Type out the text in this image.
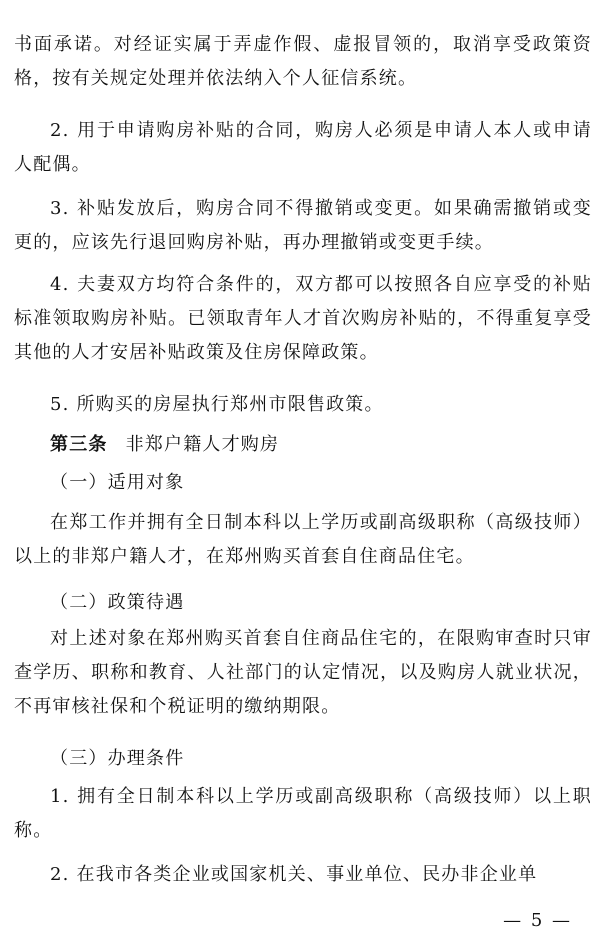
书面承诺。对经证实属于弄虚作假、虚报冒领的，取消享受政策资格，按有关规定处理并依法纳入个人征信系统。

2. 用于申请购房补贴的合同，购房人必须是申请人本人或申请人配偶。

3. 补贴发放后，购房合同不得撤销或变更。如果确需撤销或变更的，应该先行退回购房补贴，再办理撤销或变更手续。

4. 夫妻双方均符合条件的，双方都可以按照各自应享受的补贴标准领取购房补贴。已领取青年人才首次购房补贴的，不得重复享受其他的人才安居补贴政策及住房保障政策。

5. 所购买的房屋执行郑州市限售政策。

第三条 非郑户籍人才购房

（一）适用对象

在郑工作并拥有全日制本科以上学历或副高级职称（高级技师）以上的非郑户籍人才，在郑州购买首套自住商品住宅。

（二）政策待遇

对上述对象在郑州购买首套自住商品住宅的，在限购审查时只审查学历、职称和教育、人社部门的认定情况，以及购房人就业状况，不再审核社保和个税证明的缴纳期限。

（三）办理条件

1. 拥有全日制本科以上学历或副高级职称（高级技师）以上职称。

2. 在我市各类企业或国家机关、事业单位、民办非企业单

— 5 —
